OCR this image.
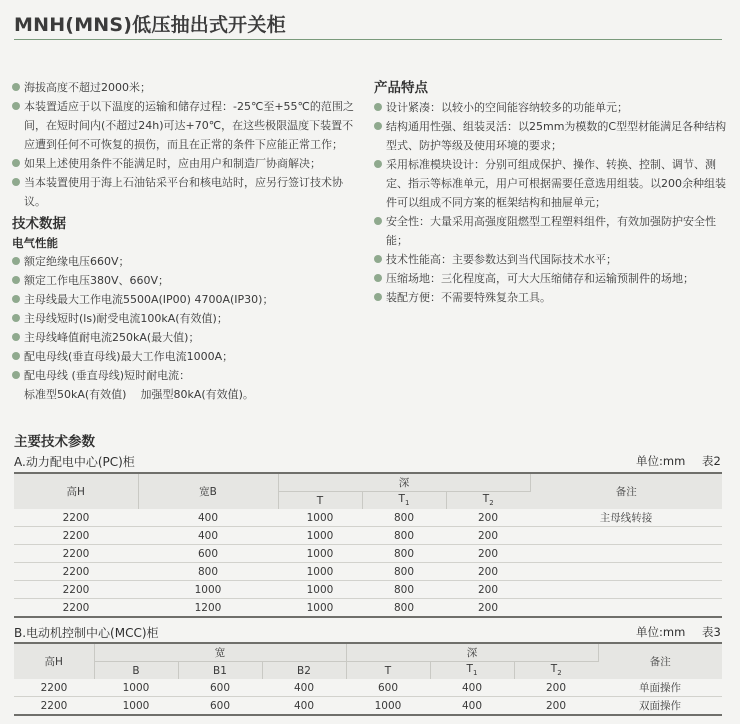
MNH(MNS)低压抽出式开关柜
海拔高度不超过2000米；
本装置适应于以下温度的运输和储存过程：-25℃至+55℃的范围之间，在短时间内(不超过24h)可达+70℃，在这些极限温度下装置不应遭到任何不可恢复的损伤，而且在正常的条件下应能正常工作；
如果上述使用条件不能满足时，应由用户和制造厂协商解决；
当本装置使用于海上石油钻采平台和核电站时，应另行签订技术协议。
技术数据
电气性能
额定绝缘电压660V；
额定工作电压380V、660V；
主母线最大工作电流5500A(IP00) 4700A(IP30)；
主母线短时(ls)耐受电流100kA(有效值)；
主母线峰值耐电流250kA(最大值)；
配电母线(垂直母线)最大工作电流1000A；
配电母线 (垂直母线)短时耐电流：
标准型50kA(有效值)    加强型80kA(有效值)。
产品特点
设计紧凑：以较小的空间能容纳较多的功能单元；
结构通用性强、组装灵活：以25mm为模数的C型型材能满足各种结构型式、防护等级及使用环境的要求；
采用标准模块设计：分别可组成保护、操作、转换、控制、调节、测定、指示等标准单元，用户可根据需要任意选用组装。以200余种组装件可以组成不同方案的框架结构和抽屉单元；
安全性：大量采用高强度阻燃型工程塑料组件，有效加强防护安全性能；
技术性能高：主要参数达到当代国际技术水平；
压缩场地：三化程度高，可大大压缩储存和运输预制件的场地；
装配方便：不需要特殊复杂工具。
主要技术参数
A.动力配电中心(PC)柜	单位:mm 表2
高H	宽B	深			备注
		T	$T_1$	$T_2$
2200	400	1000	800	200	主母线转接
2200	400	1000	800	200	
2200	600	1000	800	200	
2200	800	1000	800	200	
2200	1000	1000	800	200	
2200	1200	1000	800	200	
B.电动机控制中心(MCC)柜	单位:mm 表3
高H	宽			深			备注
	B	B1	B2	T	$T_1$	$T_2$
2200	1000	600	400	600	400	200	单面操作
2200	1000	600	400	1000	400	200	双面操作
